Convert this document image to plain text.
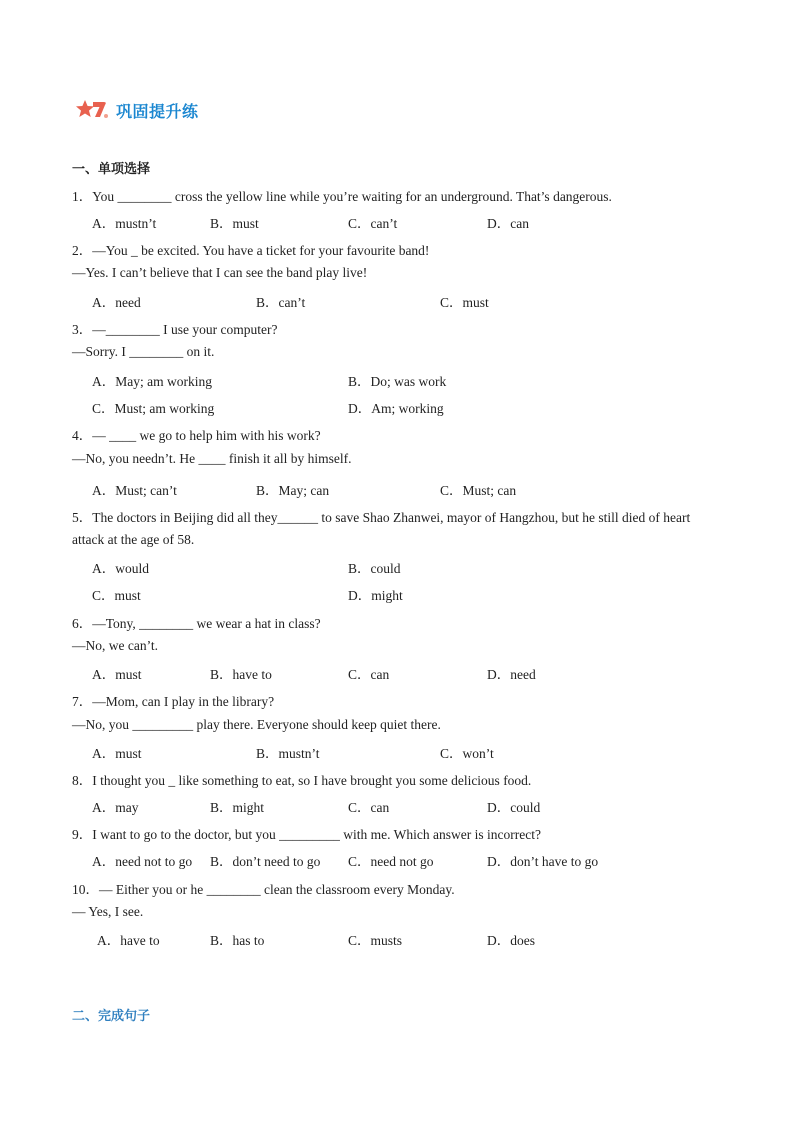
巩固提升练
一、单项选择
1．You ________ cross the yellow line while you’re waiting for an underground. That’s dangerous.
A．mustn’t	B．must	C．can’t	D．can
2．—You _ be excited. You have a ticket for your favourite band!
—Yes. I can’t believe that I can see the band play live!
A．need	B．can’t	C．must
3．—________ I use your computer?
—Sorry. I ________ on it.
A．May; am working	B．Do; was work
C．Must; am working	D．Am; working
4．— ____ we go to help him with his work?
—No, you needn’t. He ____ finish it all by himself.
A．Must; can’t	B．May; can	C．Must; can
5．The doctors in Beijing did all they______ to save Shao Zhanwei, mayor of Hangzhou, but he still died of heart
attack at the age of 58.
A．would	B．could
C．must	D．might
6．—Tony, ________ we wear a hat in class?
—No, we can’t.
A．must	B．have to	C．can	D．need
7．—Mom, can I play in the library?
—No, you _________ play there. Everyone should keep quiet there.
A．must	B．mustn’t	C．won’t
8．I thought you _ like something to eat, so I have brought you some delicious food.
A．may	B．might	C．can	D．could
9．I want to go to the doctor, but you _________ with me. Which answer is incorrect?
A．need not to go B．don’t need to go C．need not go	D．don’t have to go
10．— Either you or he ________ clean the classroom every Monday.
— Yes, I see.
A．have to	B．has to	C．musts	D．does
二、完成句子
